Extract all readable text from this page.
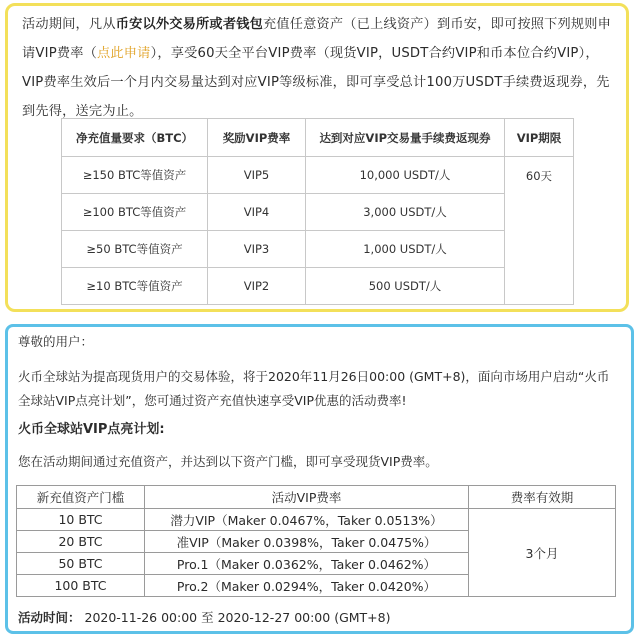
活动期间，凡从币安以外交易所或者钱包充值任意资产（已上线资产）到币安，即可按照下列规则申请VIP费率（点此申请），享受60天全平台VIP费率（现货VIP，USDT合约VIP和币本位合约VIP），VIP费率生效后一个月内交易量达到对应VIP等级标准，即可享受总计100万USDT手续费返现券，先到先得，送完为止。

净充值量要求（BTC）	奖励VIP费率	达到对应VIP交易量手续费返现券	VIP期限
≥150 BTC等值资产	VIP5	10,000 USDT/人	60天
≥100 BTC等值资产	VIP4	3,000 USDT/人	
≥50 BTC等值资产	VIP3	1,000 USDT/人	
≥10 BTC等值资产	VIP2	500 USDT/人	
尊敬的用户：

火币全球站为提高现货用户的交易体验，将于2020年11月26日00:00 (GMT+8)，面向市场用户启动“火币全球站VIP点亮计划”，您可通过资产充值快速享受VIP优惠的活动费率!

火币全球站VIP点亮计划:
您在活动期间通过充值资产，并达到以下资产门槛，即可享受现货VIP费率。
新充值资产门槛	活动VIP费率	费率有效期
10 BTC	潜力VIP（Maker 0.0467%，Taker 0.0513%）	3个月
20 BTC	准VIP（Maker 0.0398%，Taker 0.0475%）	
50 BTC	Pro.1（Maker 0.0362%，Taker 0.0462%）	
100 BTC	Pro.2（Maker 0.0294%，Taker 0.0420%）	
活动时间： 2020-11-26 00:00 至 2020-12-27 00:00 (GMT+8)
